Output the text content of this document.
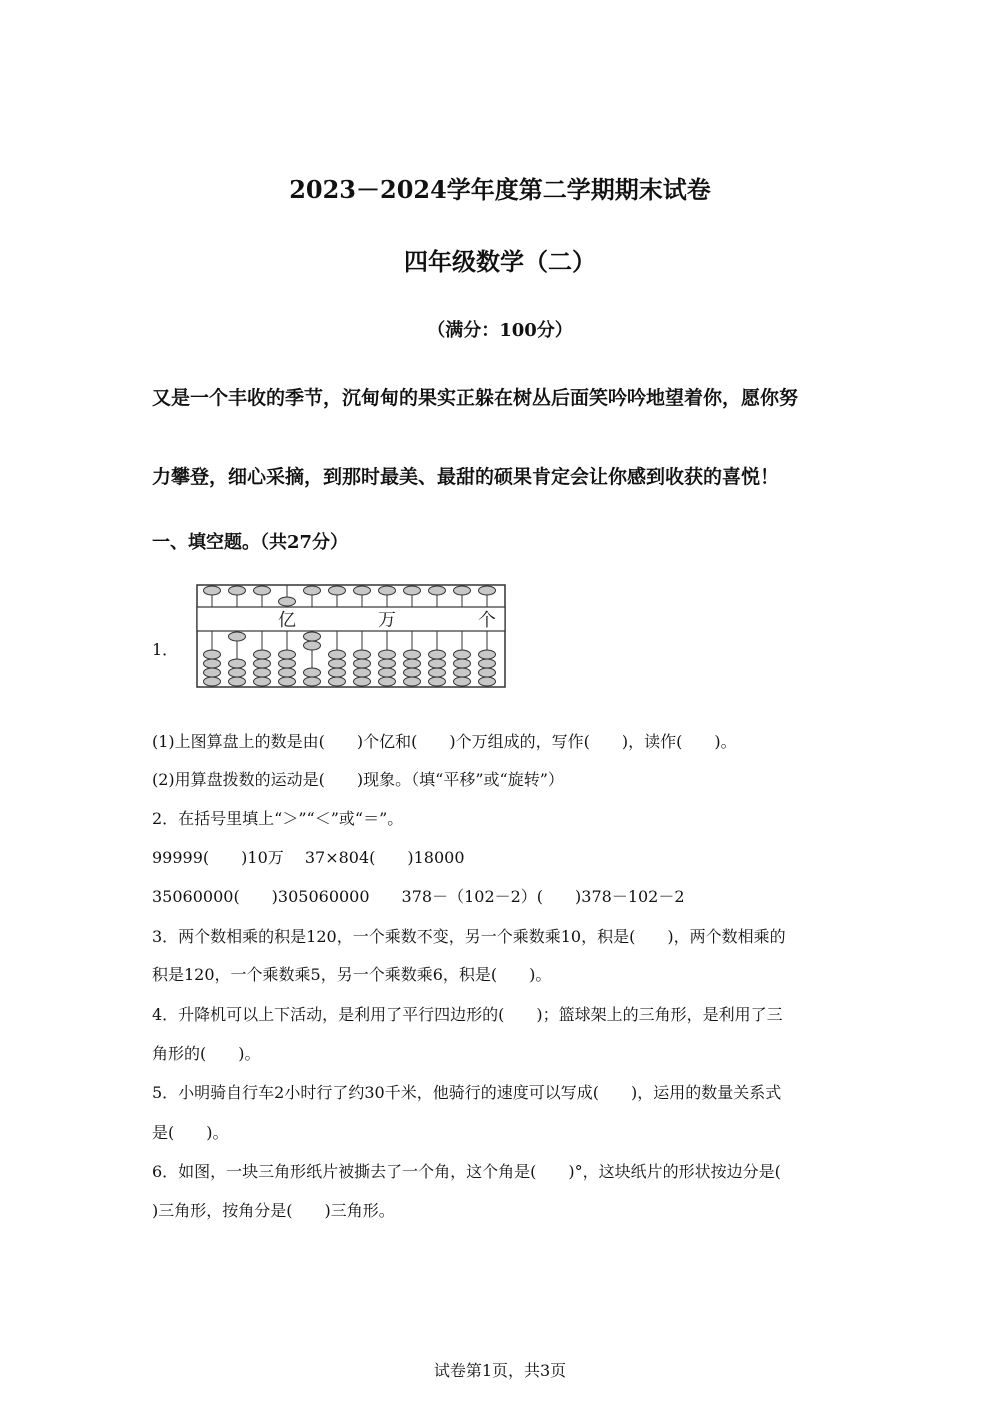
2023－2024学年度第二学期期末试卷
四年级数学（二）
（满分：100分）
又是一个丰收的季节，沉甸甸的果实正躲在树丛后面笑吟吟地望着你，愿你努
力攀登，细心采摘，到那时最美、最甜的硕果肯定会让你感到收获的喜悦！
一、填空题。（共27分）
1．
亿	万	个
(1)上图算盘上的数是由(　　)个亿和(　　)个万组成的，写作(　　)，读作(　　)。
(2)用算盘拨数的运动是(　　)现象。（填“平移”或“旋转”）
2．在括号里填上“＞”“＜”或“＝”。
99999(　　)10万　 37×804(　　)18000
35060000(　　)305060000　　378－（102－2）(　　)378－102－2
3．两个数相乘的积是120，一个乘数不变，另一个乘数乘10，积是(　　)，两个数相乘的
积是120，一个乘数乘5，另一个乘数乘6，积是(　　)。
4．升降机可以上下活动，是利用了平行四边形的(　　)；篮球架上的三角形，是利用了三
角形的(　　)。
5．小明骑自行车2小时行了约30千米，他骑行的速度可以写成(　　)，运用的数量关系式
是(　　)。
6．如图，一块三角形纸片被撕去了一个角，这个角是(　　)°，这块纸片的形状按边分是(
)三角形，按角分是(　　)三角形。
试卷第1页，共3页
